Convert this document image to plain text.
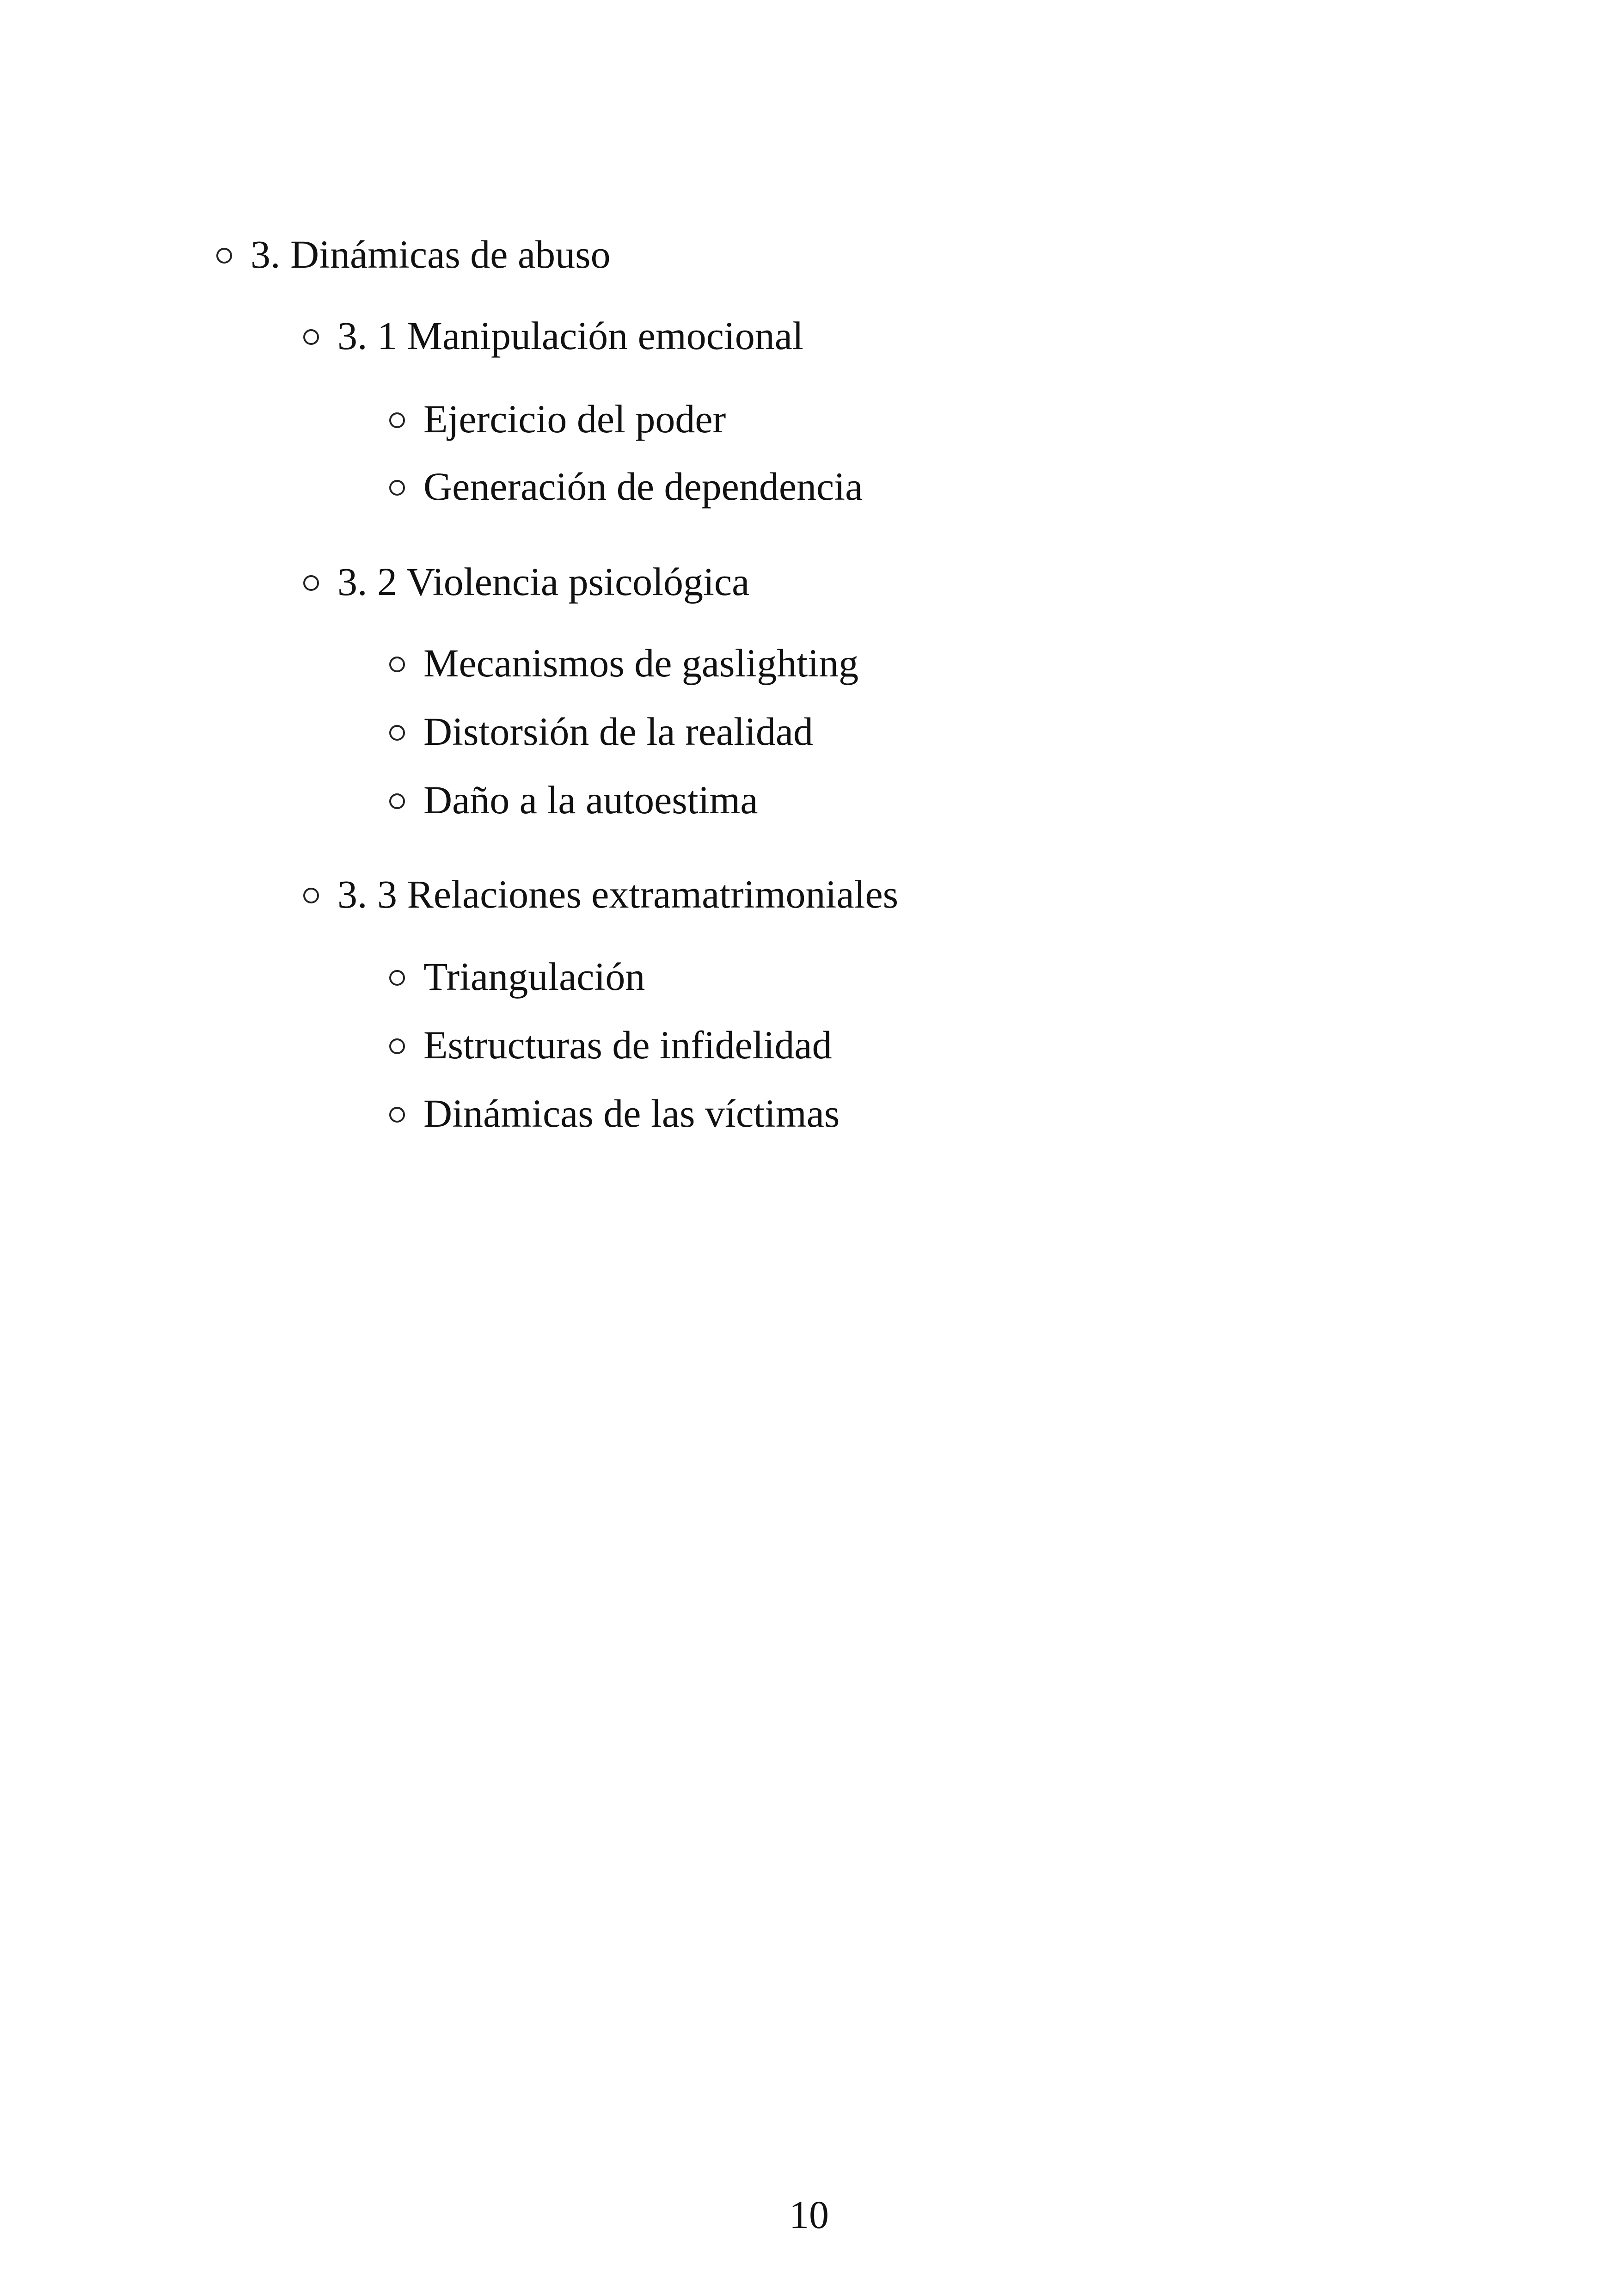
3. Dinámicas de abuso
3. 1 Manipulación emocional
Ejercicio del poder
Generación de dependencia
3. 2 Violencia psicológica
Mecanismos de gaslighting
Distorsión de la realidad
Daño a la autoestima
3. 3 Relaciones extramatrimoniales
Triangulación
Estructuras de infidelidad
Dinámicas de las víctimas
10
